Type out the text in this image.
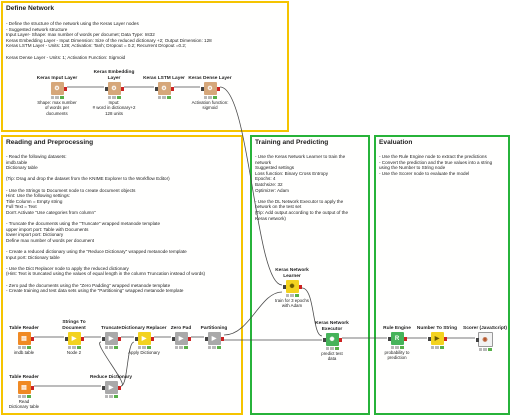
Define Network
- Define the structure of the network using the Keras Layer nodes
- Suggested network structure
Input Layer- Shape: max number of words per documet; Data Type: Int32
Keras Embedding Layer - Input Dimension: Size of the reduced dictionary +2; Output Dimension: 128
Keras LSTM Layer - Units: 128; Activation: Tanh; Dropout = 0.2; Recurrent Dropout =0.2;

Keras Dense Layer - Units: 1; Activation Function: Sigmoid
Reading and Preprocessing
- Read the following datasets:
imdb.table
Dictionary table

(Tip: Drag and drop the dataset from the KNIME Explorer to the Workflow Editor)

- Use the Strings to Document node to create document objects
Hint: Use the following settings:
Title Column = Empty string
Full Text = Text
Don't Activate "Use categories from column"

- Truncate the documents using the "Truncate" wrapped metanode template
upper import port: Table with Documents
lower import port: Dictionary
Define max number of words per document

- Create a reduced dictionary using the "Reduce Dictionary" wrapped metanode template
Input port: Dictionary table

- Use the Dict Replacer node to apply the reduced dictionary
(Hint: Text is truncated using the values of equal length in the column Truncation instead of words)

- Zero pad the documents using the "Zero Padding" wrapped metanode template
- Create training and test data sets using the "Partitioning" wrapped metanode template
Training and Predicting
- Use the Keras Network Learner to train the
network
Suggested settings
Loss function: Binary Cross Entropy
Epochs: 4
Batchsize: 32
Optimizer: Adam

- Use the DL Network Executor to apply the
network on the test set
(Tip: Add output according to the output of the
Keras network)
Evaluation
- Use the Rule Engine node to extract the predictions
- Convert the prediction and the true values into a string
using the Number to String node
- Use the Scorer node to evaluate the model
Keras Input Layer
⚙
Shape: max number
of words per
documents
Keras Embedding Layer
⚙
Input:
# word in dictionary+2
128 units
Keras LSTM Layer
⚙
Keras Dense Layer
⚙
Activation function:
sigmoid
Table Reader
▤
imdb.table
Strings To Document
▶
Node 2
Truncate
▶
Dictionary Replacer
▶
Apply Dictionary
Zero Pad
▶
Partitioning
▶
Table Reader
▤
Read
Dictionary table
Reduce Dictionary
▶
Keras Network Learner
✺
train for 3 epochs
with Adam
Keras Network Executor
✺
predict test
data
Rule Engine
R
probability to
prediction
Number To String
▶
Scorer (JavaScript)
◉
